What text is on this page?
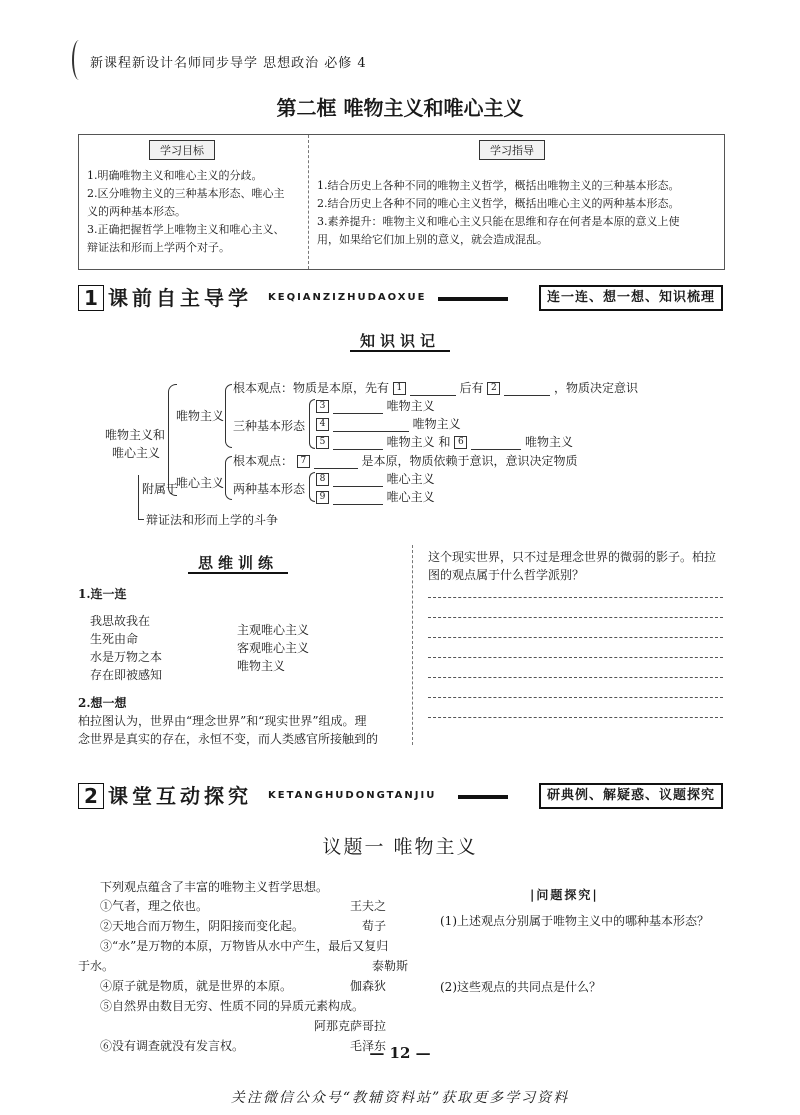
新课程新设计名师同步导学 思想政治 必修 4
第二框 唯物主义和唯心主义
学习目标	学习指导
1.明确唯物主义和唯心主义的分歧。
2.区分唯物主义的三种基本形态、唯心主
义的两种基本形态。
3.正确把握哲学上唯物主义和唯心主义、
辩证法和形而上学两个对子。
1.结合历史上各种不同的唯物主义哲学，概括出唯物主义的三种基本形态。
2.结合历史上各种不同的唯心主义哲学，概括出唯心主义的两种基本形态。
3.素养提升：唯物主义和唯心主义只能在思维和存在何者是本原的意义上使
用，如果给它们加上别的意义，就会造成混乱。
1 课前自主导学 KEQIANZIZHUDAOXUE	连一连、想一想、知识梳理
知识识记
唯物主义和
唯心主义
唯物主义
唯心主义
附属于
辩证法和形而上学的斗争
根本观点：物质是本原，先有 1	后有 2	，物质决定意识
三种基本形态
3	唯物主义
4	唯物主义
5	唯物主义 和 6	唯物主义
根本观点： 7	是本原，物质依赖于意识，意识决定物质
两种基本形态
8	唯心主义
9	唯心主义
思维训练
1.连一连
我思故我在
生死由命
水是万物之本
存在即被感知
主观唯心主义
客观唯心主义
唯物主义
2.想一想
柏拉图认为，世界由“理念世界”和“现实世界”组成。理
念世界是真实的存在，永恒不变，而人类感官所接触到的
这个现实世界，只不过是理念世界的微弱的影子。柏拉
图的观点属于什么哲学派别？
2 课堂互动探究 KETANGHUDONGTANJIU	研典例、解疑惑、议题探究
议题一 唯物主义
下列观点蕴含了丰富的唯物主义哲学思想。
①气者，理之依也。	王夫之
②天地合而万物生，阴阳接而变化起。	荀子
③“水”是万物的本原，万物皆从水中产生，最后又复归
于水。	泰勒斯
④原子就是物质，就是世界的本原。	伽森狄
⑤自然界由数目无穷、性质不同的异质元素构成。
阿那克萨哥拉
⑥没有调查就没有发言权。	毛泽东
|问题探究|
(1)上述观点分别属于唯物主义中的哪种基本形态？
(2)这些观点的共同点是什么？
— 12 —
关注微信公众号“教辅资料站”获取更多学习资料
